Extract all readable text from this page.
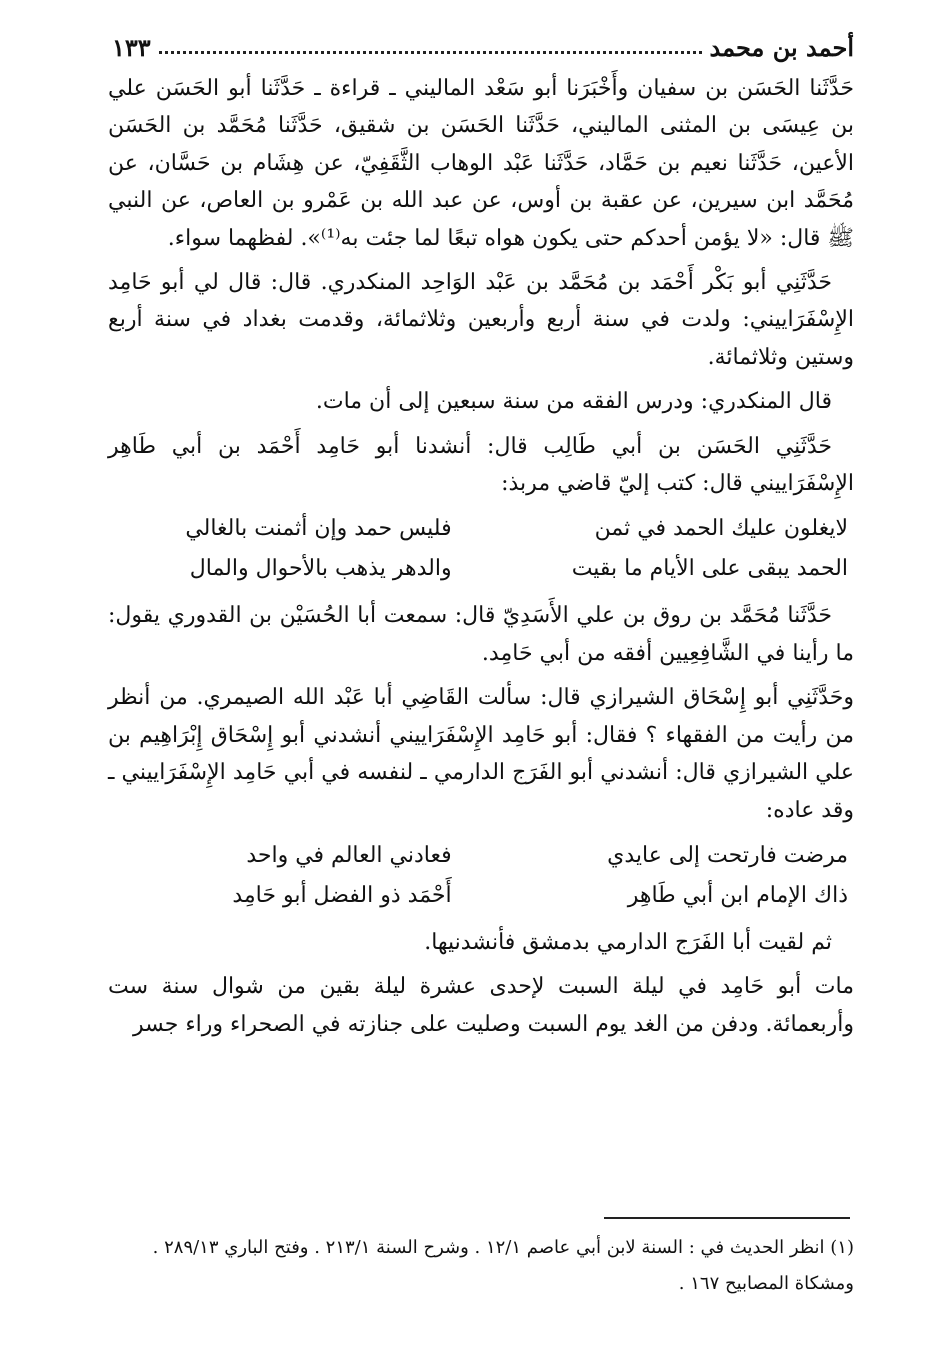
أحمد بن محمد
١٣٣

حَدَّثَنا الحَسَن بن سفيان وأَخْبَرَنا أبو سَعْد الماليني ـ قراءة ـ حَدَّثَنا أبو الحَسَن علي بن عِيسَى بن المثنى الماليني، حَدَّثَنا الحَسَن بن شقيق، حَدَّثَنا مُحَمَّد بن الحَسَن الأعين، حَدَّثَنا نعيم بن حَمَّاد، حَدَّثَنا عَبْد الوهاب الثَّقَفِيّ، عن هِشَام بن حَسَّان، عن مُحَمَّد ابن سيرين، عن عقبة بن أوس، عن عبد الله بن عَمْرو بن العاص، عن النبي ﷺ قال: «لا يؤمن أحدكم حتى يكون هواه تبعًا لما جئت به⁽¹⁾». لفظهما سواء.

حَدَّثَنِي أبو بَكْر أَحْمَد بن مُحَمَّد بن عَبْد الوَاحِد المنكدري. قال: قال لي أبو حَامِد الإِسْفَرَاييني: ولدت في سنة أربع وأربعين وثلاثمائة، وقدمت بغداد في سنة أربع وستين وثلاثمائة.

قال المنكدري: ودرس الفقه من سنة سبعين إلى أن مات.

حَدَّثَنِي الحَسَن بن أبي طَالِب قال: أنشدنا أبو حَامِد أَحْمَد بن أبي طَاهِر الإِسْفَرَاييني قال: كتب إليّ قاضي مربذ:

لايغلون عليك الحمد في ثمن
فليس حمد وإن أثمنت بالغالي
الحمد يبقى على الأيام ما بقيت
والدهر يذهب بالأحوال والمال

حَدَّثَنا مُحَمَّد بن روق بن علي الأَسَدِيّ قال: سمعت أبا الحُسَيْن بن القدوري يقول: ما رأينا في الشَّافِعِيين أفقه من أبي حَامِد.

وحَدَّثَنِي أبو إِسْحَاق الشيرازي قال: سألت القَاضِي أبا عَبْد الله الصيمري. من أنظر من رأيت من الفقهاء ؟ فقال: أبو حَامِد الإِسْفَرَاييني أنشدني أبو إِسْحَاق إِبْرَاهِيم بن علي الشيرازي قال: أنشدني أبو الفَرَج الدارمي ـ لنفسه في أبي حَامِد الإِسْفَرَاييني ـ وقد عاده:

مرضت فارتحت إلى عايدي
فعادني العالم في واحد
ذاك الإمام ابن أبي طَاهِر
أَحْمَد ذو الفضل أبو حَامِد

ثم لقيت أبا الفَرَج الدارمي بدمشق فأنشدنيها.

مات أبو حَامِد في ليلة السبت لإحدى عشرة ليلة بقين من شوال سنة ست وأربعمائة. ودفن من الغد يوم السبت وصليت على جنازته في الصحراء وراء جسر

(١) انظر الحديث في : السنة لابن أبي عاصم ١٢/١ . وشرح السنة ٢١٣/١ . وفتح الباري ٢٨٩/١٣ . ومشكاة المصابيح ١٦٧ .
